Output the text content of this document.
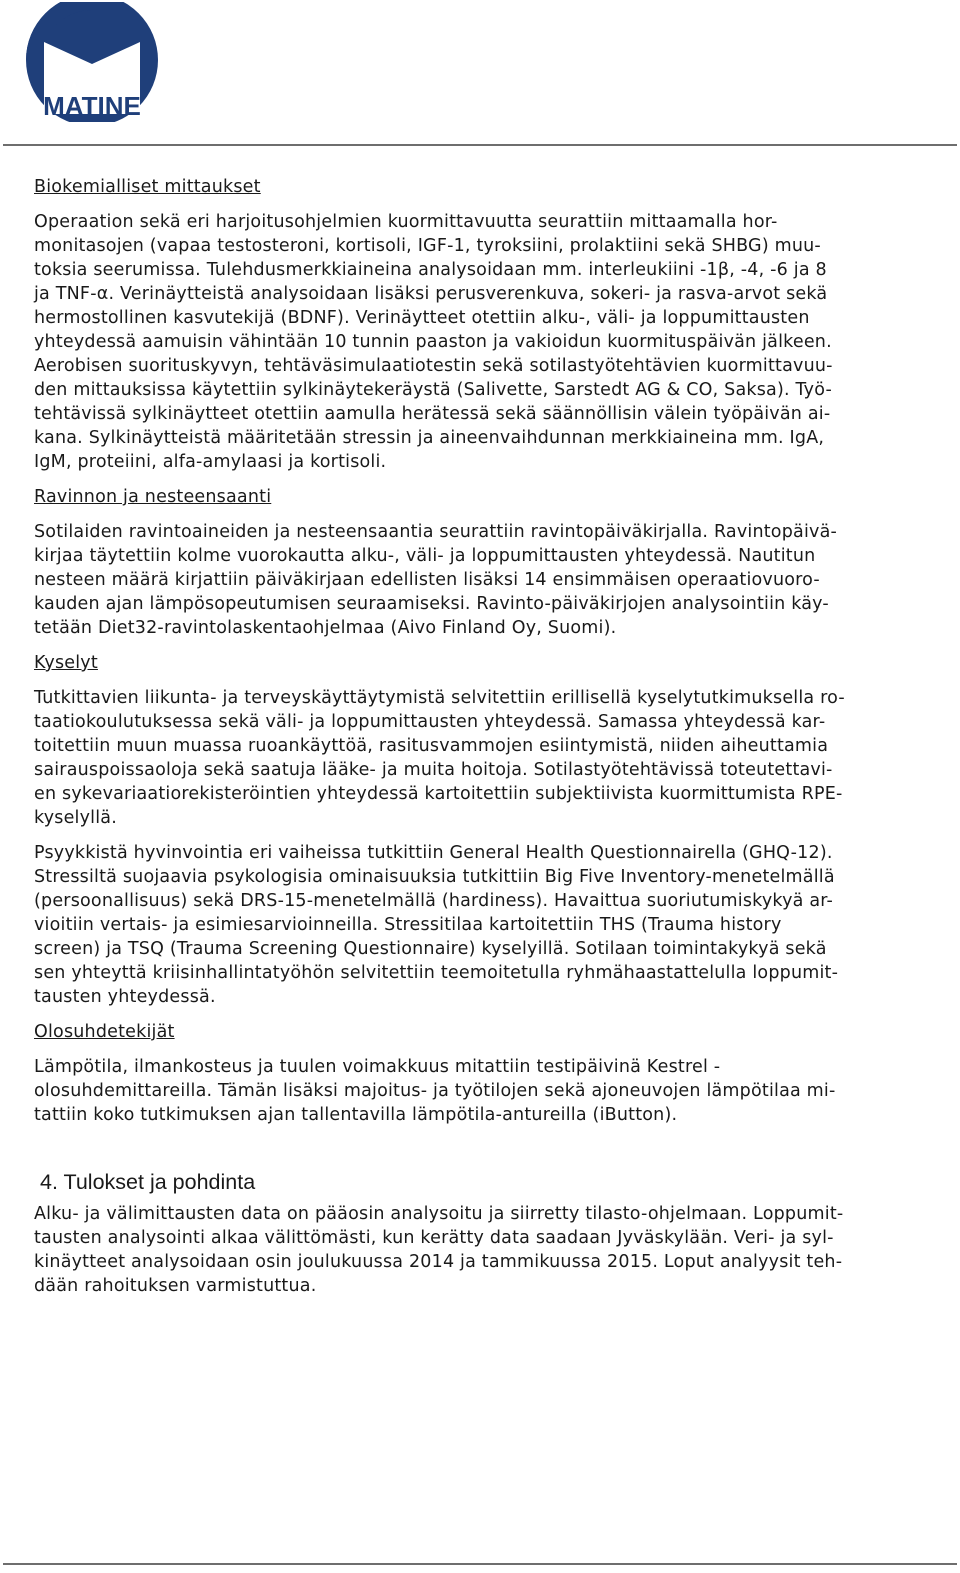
MATINE
Biokemialliset mittaukset
Operaation sekä eri harjoitusohjelmien kuormittavuutta seurattiin mittaamalla hor-
monitasojen (vapaa testosteroni, kortisoli, IGF-1, tyroksiini, prolaktiini sekä SHBG) muu-
toksia seerumissa. Tulehdusmerkkiaineina analysoidaan mm. interleukiini -1β, -4, -6 ja 8
ja TNF-α. Verinäytteistä analysoidaan lisäksi perusverenkuva, sokeri- ja rasva-arvot sekä
hermostollinen kasvutekijä (BDNF). Verinäytteet otettiin alku-, väli- ja loppumittausten
yhteydessä aamuisin vähintään 10 tunnin paaston ja vakioidun kuormituspäivän jälkeen.
Aerobisen suorituskyvyn, tehtäväsimulaatiotestin sekä sotilastyötehtävien kuormittavuu-
den mittauksissa käytettiin sylkinäytekeräystä (Salivette, Sarstedt AG & CO, Saksa). Työ-
tehtävissä sylkinäytteet otettiin aamulla herätessä sekä säännöllisin välein työpäivän ai-
kana. Sylkinäytteistä määritetään stressin ja aineenvaihdunnan merkkiaineina mm. IgA,
IgM, proteiini, alfa-amylaasi ja kortisoli.
Ravinnon ja nesteensaanti
Sotilaiden ravintoaineiden ja nesteensaantia seurattiin ravintopäiväkirjalla. Ravintopäivä-
kirjaa täytettiin kolme vuorokautta alku-, väli- ja loppumittausten yhteydessä. Nautitun
nesteen määrä kirjattiin päiväkirjaan edellisten lisäksi 14 ensimmäisen operaatiovuoro-
kauden ajan lämpösopeutumisen seuraamiseksi. Ravinto-päiväkirjojen analysointiin käy-
tetään Diet32-ravintolaskentaohjelmaa (Aivo Finland Oy, Suomi).
Kyselyt
Tutkittavien liikunta- ja terveyskäyttäytymistä selvitettiin erillisellä kyselytutkimuksella ro-
taatiokoulutuksessa sekä väli- ja loppumittausten yhteydessä. Samassa yhteydessä kar-
toitettiin muun muassa ruoankäyttöä, rasitusvammojen esiintymistä, niiden aiheuttamia
sairauspoissaoloja sekä saatuja lääke- ja muita hoitoja. Sotilastyötehtävissä toteutettavi-
en sykevariaatiorekisteröintien yhteydessä kartoitettiin subjektiivista kuormittumista RPE-
kyselyllä.
Psyykkistä hyvinvointia eri vaiheissa tutkittiin General Health Questionnairella (GHQ-12).
Stressiltä suojaavia psykologisia ominaisuuksia tutkittiin Big Five Inventory-menetelmällä
(persoonallisuus) sekä DRS-15-menetelmällä (hardiness). Havaittua suoriutumiskykyä ar-
vioitiin vertais- ja esimiesarvioinneilla. Stressitilaa kartoitettiin THS (Trauma history
screen) ja TSQ (Trauma Screening Questionnaire) kyselyillä. Sotilaan toimintakykyä sekä
sen yhteyttä kriisinhallintatyöhön selvitettiin teemoitetulla ryhmähaastattelulla loppumit-
tausten yhteydessä.
Olosuhdetekijät
Lämpötila, ilmankosteus ja tuulen voimakkuus mitattiin testipäivinä Kestrel -
olosuhdemittareilla. Tämän lisäksi majoitus- ja työtilojen sekä ajoneuvojen lämpötilaa mi-
tattiin koko tutkimuksen ajan tallentavilla lämpötila-antureilla (iButton).
4. Tulokset ja pohdinta
Alku- ja välimittausten data on pääosin analysoitu ja siirretty tilasto-ohjelmaan. Loppumit-
tausten analysointi alkaa välittömästi, kun kerätty data saadaan Jyväskylään. Veri- ja syl-
kinäytteet analysoidaan osin joulukuussa 2014 ja tammikuussa 2015. Loput analyysit teh-
dään rahoituksen varmistuttua.
